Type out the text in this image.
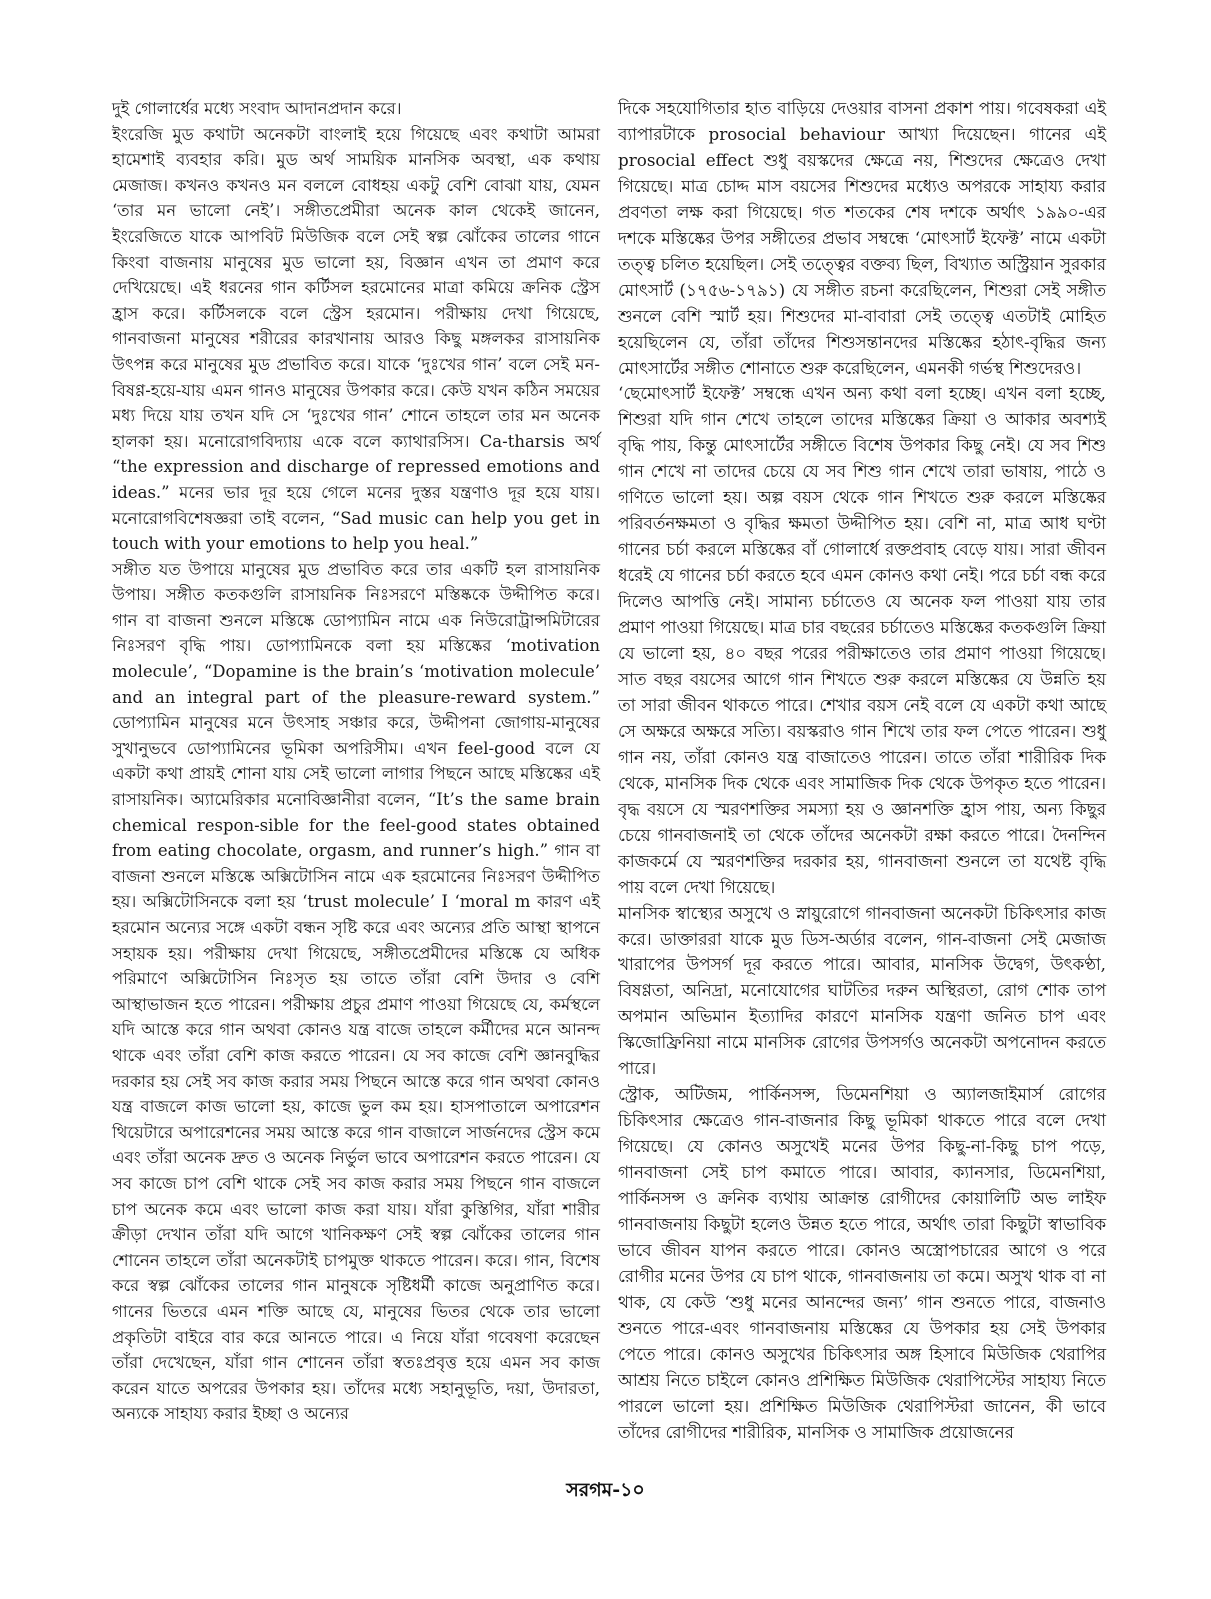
দুই গোলার্ধের মধ্যে সংবাদ আদানপ্রদান করে।

ইংরেজি মুড কথাটা অনেকটা বাংলাই হয়ে গিয়েছে এবং কথাটা আমরা হামেশাই ব্যবহার করি। মুড অর্থ সাময়িক মানসিক অবস্থা, এক কথায় মেজাজ। কখনও কখনও মন বললে বোধহয় একটু বেশি বোঝা যায়, যেমন ‘তার মন ভালো নেই’। সঙ্গীতপ্রেমীরা অনেক কাল থেকেই জানেন, ইংরেজিতে যাকে আপবিট মিউজিক বলে সেই স্বল্প ঝোঁকের তালের গানে কিংবা বাজনায় মানুষের মুড ভালো হয়, বিজ্ঞান এখন তা প্রমাণ করে দেখিয়েছে। এই ধরনের গান কর্টিসল হরমোনের মাত্রা কমিয়ে ক্রনিক স্ট্রেস হ্রাস করে। কর্টিসলকে বলে স্ট্রেস হরমোন। পরীক্ষায় দেখা গিয়েছে, গানবাজনা মানুষের শরীরের কারখানায় আরও কিছু মঙ্গলকর রাসায়নিক উৎপন্ন করে মানুষের মুড প্রভাবিত করে। যাকে ‘দুঃখের গান’ বলে সেই মন-বিষণ্ণ-হয়ে-যায় এমন গানও মানুষের উপকার করে। কেউ যখন কঠিন সময়ের মধ্য দিয়ে যায় তখন যদি সে ‘দুঃখের গান’ শোনে তাহলে তার মন অনেক হালকা হয়। মনোরোগবিদ্যায় একে বলে ক্যাথারসিস। Ca-tharsis অর্থ “the expression and discharge of repressed emotions and ideas.” মনের ভার দূর হয়ে গেলে মনের দুস্তর যন্ত্রণাও দূর হয়ে যায়। মনোরোগবিশেষজ্ঞরা তাই বলেন, “Sad music can help you get in touch with your emotions to help you heal.”

সঙ্গীত যত উপায়ে মানুষের মুড প্রভাবিত করে তার একটি হল রাসায়নিক উপায়। সঙ্গীত কতকগুলি রাসায়নিক নিঃসরণে মস্তিষ্ককে উদ্দীপিত করে। গান বা বাজনা শুনলে মস্তিষ্কে ডোপ্যামিন নামে এক নিউরোট্রান্সমিটারের নিঃসরণ বৃদ্ধি পায়। ডোপ্যামিনকে বলা হয় মস্তিষ্কের ‘motivation molecule’, “Dopamine is the brain’s ‘motivation molecule’ and an integral part of the pleasure-reward system.” ডোপ্যামিন মানুষের মনে উৎসাহ সঞ্চার করে, উদ্দীপনা জোগায়-মানুষের সুখানুভবে ডোপ্যামিনের ভূমিকা অপরিসীম। এখন feel-good বলে যে একটা কথা প্রায়ই শোনা যায় সেই ভালো লাগার পিছনে আছে মস্তিষ্কের এই রাসায়নিক। অ্যামেরিকার মনোবিজ্ঞানীরা বলেন, “It’s the same brain chemical respon-sible for the feel-good states obtained from eating chocolate, orgasm, and runner’s high.” গান বা বাজনা শুনলে মস্তিষ্কে অক্সিটোসিন নামে এক হরমোনের নিঃসরণ উদ্দীপিত হয়। অক্সিটোসিনকে বলা হয় ‘trust molecule’ I ‘moral m কারণ এই হরমোন অন্যের সঙ্গে একটা বন্ধন সৃষ্টি করে এবং অন্যের প্রতি আস্থা স্থাপনে সহায়ক হয়। পরীক্ষায় দেখা গিয়েছে, সঙ্গীতপ্রেমীদের মস্তিষ্কে যে অধিক পরিমাণে অক্সিটোসিন নিঃসৃত হয় তাতে তাঁরা বেশি উদার ও বেশি আস্থাভাজন হতে পারেন। পরীক্ষায় প্রচুর প্রমাণ পাওয়া গিয়েছে যে, কর্মস্থলে যদি আস্তে করে গান অথবা কোনও যন্ত্র বাজে তাহলে কর্মীদের মনে আনন্দ থাকে এবং তাঁরা বেশি কাজ করতে পারেন। যে সব কাজে বেশি জ্ঞানবুদ্ধির দরকার হয় সেই সব কাজ করার সময় পিছনে আস্তে করে গান অথবা কোনও যন্ত্র বাজলে কাজ ভালো হয়, কাজে ভুল কম হয়। হাসপাতালে অপারেশন থিয়েটারে অপারেশনের সময় আস্তে করে গান বাজালে সার্জনদের স্ট্রেস কমে এবং তাঁরা অনেক দ্রুত ও অনেক নির্ভুল ভাবে অপারেশন করতে পারেন। যে সব কাজে চাপ বেশি থাকে সেই সব কাজ করার সময় পিছনে গান বাজলে চাপ অনেক কমে এবং ভালো কাজ করা যায়। যাঁরা কুস্তিগির, যাঁরা শারীর ক্রীড়া দেখান তাঁরা যদি আগে খানিকক্ষণ সেই স্বল্প ঝোঁকের তালের গান শোনেন তাহলে তাঁরা অনেকটাই চাপমুক্ত থাকতে পারেন। করে। গান, বিশেষ করে স্বল্প ঝোঁকের তালের গান মানুষকে সৃষ্টিধর্মী কাজে অনুপ্রাণিত করে। গানের ভিতরে এমন শক্তি আছে যে, মানুষের ভিতর থেকে তার ভালো প্রকৃতিটা বাইরে বার করে আনতে পারে। এ নিয়ে যাঁরা গবেষণা করেছেন তাঁরা দেখেছেন, যাঁরা গান শোনেন তাঁরা স্বতঃপ্রবৃত্ত হয়ে এমন সব কাজ করেন যাতে অপরের উপকার হয়। তাঁদের মধ্যে সহানুভূতি, দয়া, উদারতা, অন্যকে সাহায্য করার ইচ্ছা ও অন্যের

দিকে সহযোগিতার হাত বাড়িয়ে দেওয়ার বাসনা প্রকাশ পায়। গবেষকরা এই ব্যাপারটাকে prosocial behaviour আখ্যা দিয়েছেন। গানের এই prosocial effect শুধু বয়স্কদের ক্ষেত্রে নয়, শিশুদের ক্ষেত্রেও দেখা গিয়েছে। মাত্র চোদ্দ মাস বয়সের শিশুদের মধ্যেও অপরকে সাহায্য করার প্রবণতা লক্ষ করা গিয়েছে। গত শতকের শেষ দশকে অর্থাৎ ১৯৯০-এর দশকে মস্তিষ্কের উপর সঙ্গীতের প্রভাব সম্বন্ধে ‘মোৎসার্ট ইফেক্ট’ নামে একটা তত্ত্ব চলিত হয়েছিল। সেই তত্ত্বের বক্তব্য ছিল, বিখ্যাত অস্ট্রিয়ান সুরকার মোৎসার্ট (১৭৫৬-১৭৯১) যে সঙ্গীত রচনা করেছিলেন, শিশুরা সেই সঙ্গীত শুনলে বেশি স্মার্ট হয়। শিশুদের মা-বাবারা সেই তত্ত্বে এতটাই মোহিত হয়েছিলেন যে, তাঁরা তাঁদের শিশুসন্তানদের মস্তিষ্কের হঠাৎ-বৃদ্ধির জন্য মোৎসার্টের সঙ্গীত শোনাতে শুরু করেছিলেন, এমনকী গর্ভস্থ শিশুদেরও।

‘ছেমোৎসার্ট ইফেক্ট’ সম্বন্ধে এখন অন্য কথা বলা হচ্ছে। এখন বলা হচ্ছে, শিশুরা যদি গান শেখে তাহলে তাদের মস্তিষ্কের ক্রিয়া ও আকার অবশ্যই বৃদ্ধি পায়, কিন্তু মোৎসার্টের সঙ্গীতে বিশেষ উপকার কিছু নেই। যে সব শিশু গান শেখে না তাদের চেয়ে যে সব শিশু গান শেখে তারা ভাষায়, পাঠে ও গণিতে ভালো হয়। অল্প বয়স থেকে গান শিখতে শুরু করলে মস্তিষ্কের পরিবর্তনক্ষমতা ও বৃদ্ধির ক্ষমতা উদ্দীপিত হয়। বেশি না, মাত্র আধ ঘণ্টা গানের চর্চা করলে মস্তিষ্কের বাঁ গোলার্ধে রক্তপ্রবাহ বেড়ে যায়। সারা জীবন ধরেই যে গানের চর্চা করতে হবে এমন কোনও কথা নেই। পরে চর্চা বন্ধ করে দিলেও আপত্তি নেই। সামান্য চর্চাতেও যে অনেক ফল পাওয়া যায় তার প্রমাণ পাওয়া গিয়েছে। মাত্র চার বছরের চর্চাতেও মস্তিষ্কের কতকগুলি ক্রিয়া যে ভালো হয়, ৪০ বছর পরের পরীক্ষাতেও তার প্রমাণ পাওয়া গিয়েছে। সাত বছর বয়সের আগে গান শিখতে শুরু করলে মস্তিষ্কের যে উন্নতি হয় তা সারা জীবন থাকতে পারে। শেখার বয়স নেই বলে যে একটা কথা আছে সে অক্ষরে অক্ষরে সত্যি। বয়স্করাও গান শিখে তার ফল পেতে পারেন। শুধু গান নয়, তাঁরা কোনও যন্ত্র বাজাতেও পারেন। তাতে তাঁরা শারীরিক দিক থেকে, মানসিক দিক থেকে এবং সামাজিক দিক থেকে উপকৃত হতে পারেন। বৃদ্ধ বয়সে যে স্মরণশক্তির সমস্যা হয় ও জ্ঞানশক্তি হ্রাস পায়, অন্য কিছুর চেয়ে গানবাজনাই তা থেকে তাঁদের অনেকটা রক্ষা করতে পারে। দৈনন্দিন কাজকর্মে যে স্মরণশক্তির দরকার হয়, গানবাজনা শুনলে তা যথেষ্ট বৃদ্ধি পায় বলে দেখা গিয়েছে।

মানসিক স্বাস্থ্যের অসুখে ও স্নায়ুরোগে গানবাজনা অনেকটা চিকিৎসার কাজ করে। ডাক্তাররা যাকে মুড ডিস-অর্ডার বলেন, গান-বাজনা সেই মেজাজ খারাপের উপসর্গ দূর করতে পারে। আবার, মানসিক উদ্বেগ, উৎকণ্ঠা, বিষণ্ণতা, অনিদ্রা, মনোযোগের ঘাটতির দরুন অস্থিরতা, রোগ শোক তাপ অপমান অভিমান ইত্যাদির কারণে মানসিক যন্ত্রণা জনিত চাপ এবং স্কিজোফ্রিনিয়া নামে মানসিক রোগের উপসর্গও অনেকটা অপনোদন করতে পারে।

স্ট্রোক, অটিজম, পার্কিনসন্স, ডিমেনশিয়া ও অ্যালজাইমার্স রোগের চিকিৎসার ক্ষেত্রেও গান-বাজনার কিছু ভূমিকা থাকতে পারে বলে দেখা গিয়েছে। যে কোনও অসুখেই মনের উপর কিছু-না-কিছু চাপ পড়ে, গানবাজনা সেই চাপ কমাতে পারে। আবার, ক্যানসার, ডিমেনশিয়া, পার্কিনসন্স ও ক্রনিক ব্যথায় আক্রান্ত রোগীদের কোয়ালিটি অভ লাইফ গানবাজনায় কিছুটা হলেও উন্নত হতে পারে, অর্থাৎ তারা কিছুটা স্বাভাবিক ভাবে জীবন যাপন করতে পারে। কোনও অস্ত্রোপচারের আগে ও পরে রোগীর মনের উপর যে চাপ থাকে, গানবাজনায় তা কমে। অসুখ থাক বা না থাক, যে কেউ ‘শুধু মনের আনন্দের জন্য’ গান শুনতে পারে, বাজনাও শুনতে পারে-এবং গানবাজনায় মস্তিষ্কের যে উপকার হয় সেই উপকার পেতে পারে। কোনও অসুখের চিকিৎসার অঙ্গ হিসাবে মিউজিক থেরাপির আশ্রয় নিতে চাইলে কোনও প্রশিক্ষিত মিউজিক থেরাপিস্টের সাহায্য নিতে পারলে ভালো হয়। প্রশিক্ষিত মিউজিক থেরাপিস্টরা জানেন, কী ভাবে তাঁদের রোগীদের শারীরিক, মানসিক ও সামাজিক প্রয়োজনের

সরগম-১০
